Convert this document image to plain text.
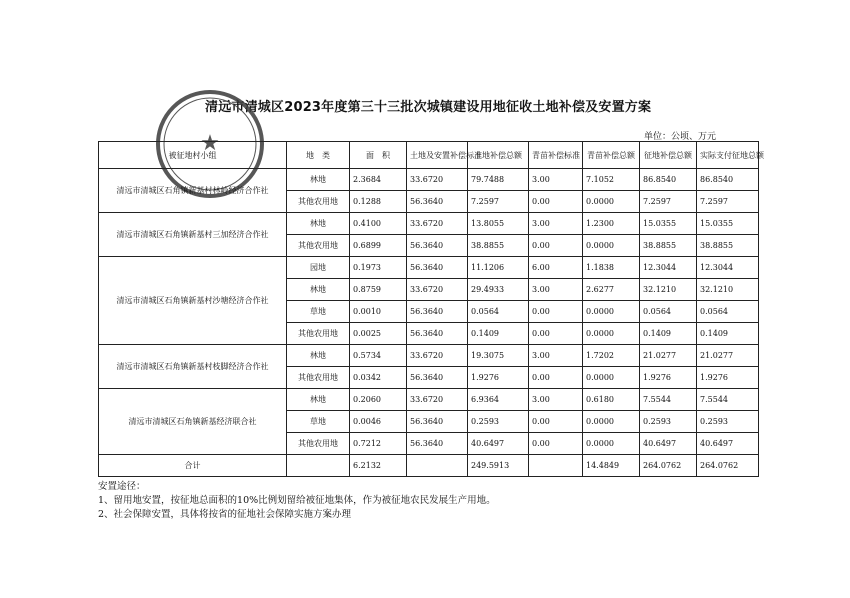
清远市清城区2023年度第三十三批次城镇建设用地征收土地补偿及安置方案
单位：公顷、万元
★
被征地村小组	地　类	面　积	土地及安置补偿标准	土地补偿总额	青苗补偿标准	青苗补偿总额	征地补偿总额	实际支付征地总额
清远市清城区石角镇新基村林岭经济合作社	林地	2.3684	33.6720	79.7488	3.00	7.1052	86.8540	86.8540
	其他农用地	0.1288	56.3640	7.2597	0.00	0.0000	7.2597	7.2597
清远市清城区石角镇新基村三加经济合作社	林地	0.4100	33.6720	13.8055	3.00	1.2300	15.0355	15.0355
	其他农用地	0.6899	56.3640	38.8855	0.00	0.0000	38.8855	38.8855
清远市清城区石角镇新基村沙塘经济合作社	园地	0.1973	56.3640	11.1206	6.00	1.1838	12.3044	12.3044
	林地	0.8759	33.6720	29.4933	3.00	2.6277	32.1210	32.1210
	草地	0.0010	56.3640	0.0564	0.00	0.0000	0.0564	0.0564
	其他农用地	0.0025	56.3640	0.1409	0.00	0.0000	0.1409	0.1409
清远市清城区石角镇新基村枝脚经济合作社	林地	0.5734	33.6720	19.3075	3.00	1.7202	21.0277	21.0277
	其他农用地	0.0342	56.3640	1.9276	0.00	0.0000	1.9276	1.9276
清远市清城区石角镇新基经济联合社	林地	0.2060	33.6720	6.9364	3.00	0.6180	7.5544	7.5544
	草地	0.0046	56.3640	0.2593	0.00	0.0000	0.2593	0.2593
	其他农用地	0.7212	56.3640	40.6497	0.00	0.0000	40.6497	40.6497
合计		6.2132		249.5913		14.4849	264.0762	264.0762
安置途径：
1、留用地安置，按征地总面积的10%比例划留给被征地集体，作为被征地农民发展生产用地。
2、社会保障安置，具体将按省的征地社会保障实施方案办理
